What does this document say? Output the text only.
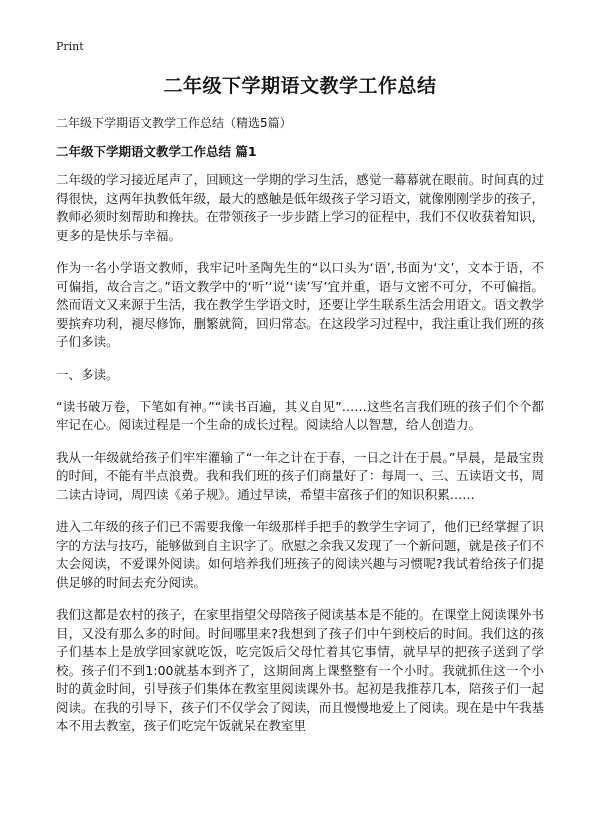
Print
二年级下学期语文教学工作总结
二年级下学期语文教学工作总结（精选5篇）
二年级下学期语文教学工作总结 篇1

二年级的学习接近尾声了，回顾这一学期的学习生活，感觉一幕幕就在眼前。时间真的过得很快，这两年执教低年级，最大的感触是低年级孩子学习语文，就像刚刚学步的孩子，教师必须时刻帮助和搀扶。在带领孩子一步步踏上学习的征程中，我们不仅收获着知识，更多的是快乐与幸福。

作为一名小学语文教师，我牢记叶圣陶先生的“以口头为‘语’,书面为‘文’，文本于语，不可偏指，故合言之。”语文教学中的‘听’‘说’‘读’写’宜并重，语与文密不可分，不可偏指。然而语文又来源于生活，我在教学生学语文时，还要让学生联系生活会用语文。语文教学要摈弃功利，褪尽修饰，删繁就简，回归常态。在这段学习过程中，我注重让我们班的孩子们多读。

一、多读。

“读书破万卷，下笔如有神。”“读书百遍，其义自见”……这些名言我们班的孩子们个个都牢记在心。阅读过程是一个生命的成长过程。阅读给人以智慧，给人创造力。

我从一年级就给孩子们牢牢灌输了“一年之计在于春，一日之计在于晨。”早晨，是最宝贵的时间，不能有半点浪费。我和我们班的孩子们商量好了：每周一、三、五读语文书，周二读古诗词，周四读《弟子规》。通过早读，希望丰富孩子们的知识积累……

进入二年级的孩子们已不需要我像一年级那样手把手的教学生字词了，他们已经掌握了识字的方法与技巧，能够做到自主识字了。欣慰之余我又发现了一个新问题，就是孩子们不太会阅读，不爱课外阅读。如何培养我们班孩子的阅读兴趣与习惯呢?我试着给孩子们提供足够的时间去充分阅读。

我们这都是农村的孩子，在家里指望父母陪孩子阅读基本是不能的。在课堂上阅读课外书目，又没有那么多的时间。时间哪里来?我想到了孩子们中午到校后的时间。我们这的孩子们基本上是放学回家就吃饭，吃完饭后父母忙着其它事情，就早早的把孩子送到了学校。孩子们不到1:00就基本到齐了，这期间离上课整整有一个小时。我就抓住这一个小时的黄金时间，引导孩子们集体在教室里阅读课外书。起初是我推荐几本，陪孩子们一起阅读。在我的引导下，孩子们不仅学会了阅读，而且慢慢地爱上了阅读。现在是中午我基本不用去教室，孩子们吃完午饭就呆在教室里
